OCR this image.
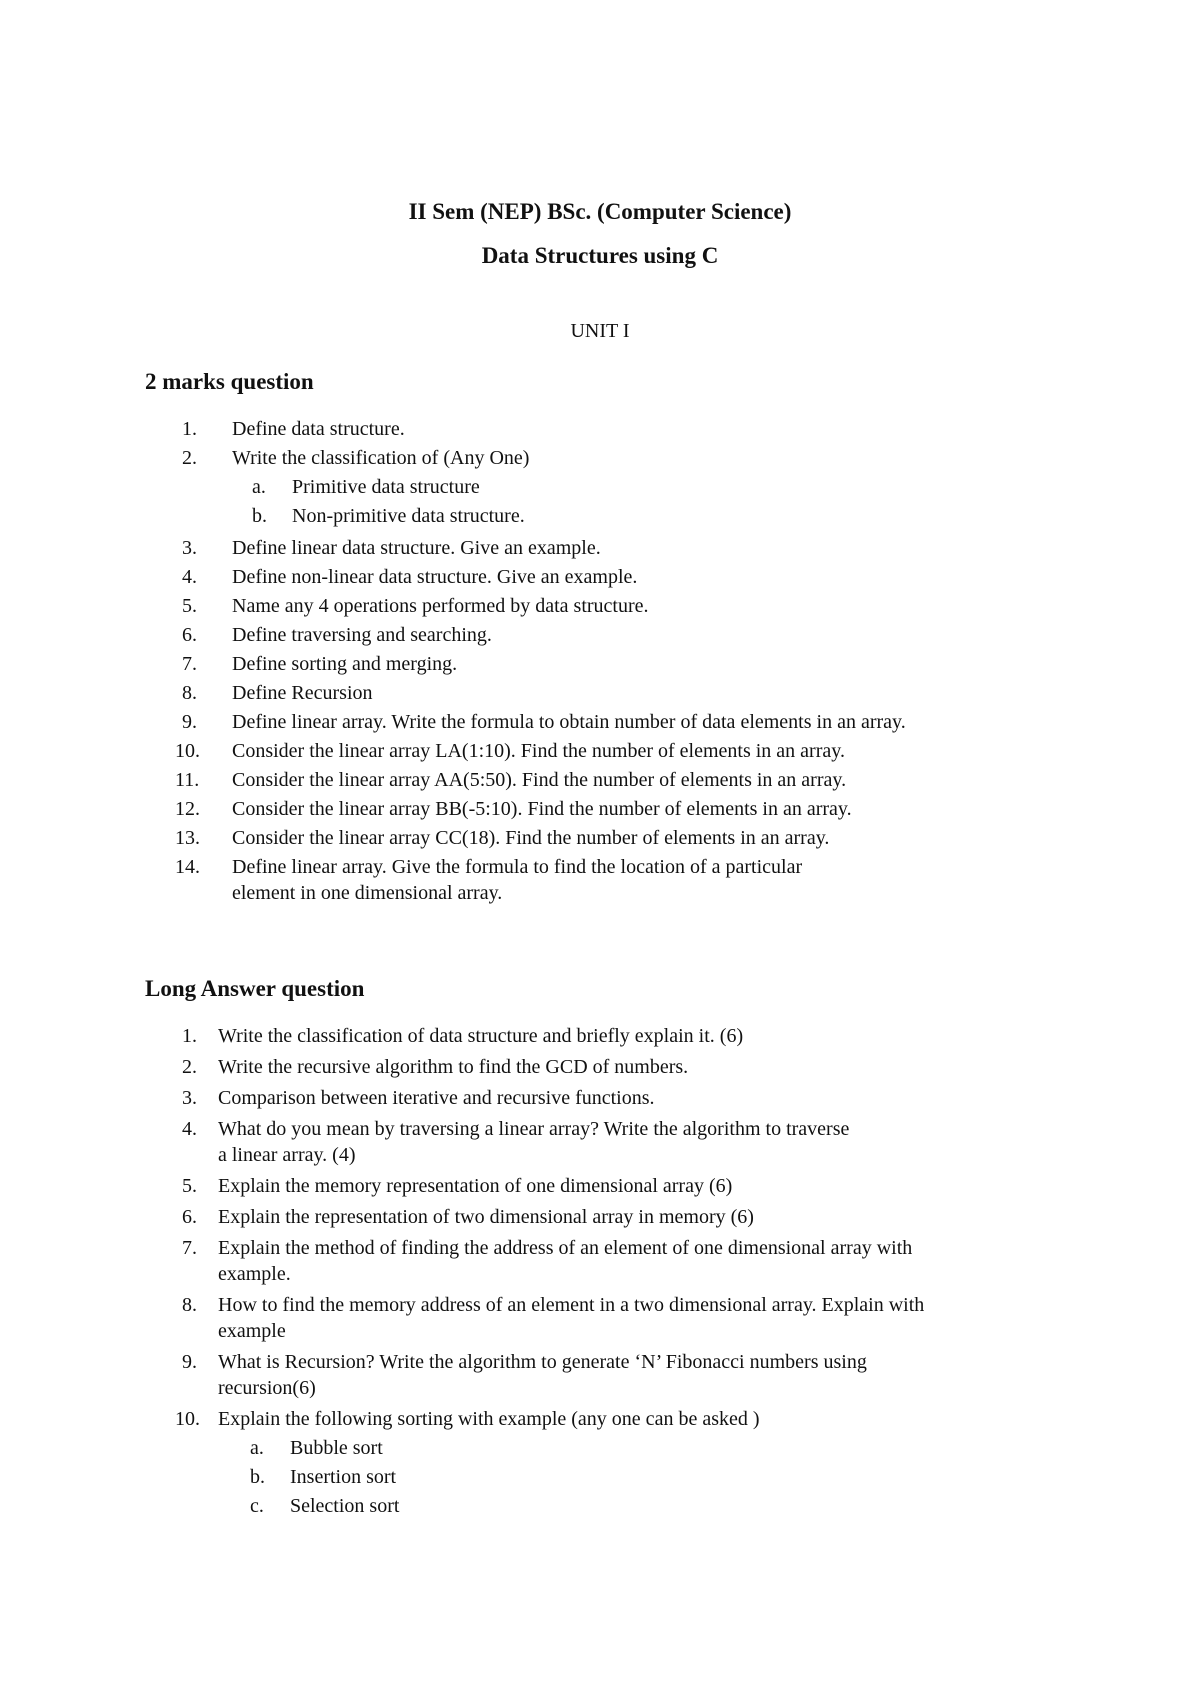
II Sem (NEP) BSc. (Computer Science)
Data Structures using C
UNIT I
2 marks question
1. Define data structure.
2. Write the classification of (Any One)
a. Primitive data structure
b. Non-primitive data structure.
3. Define linear data structure. Give an example.
4. Define non-linear data structure. Give an example.
5. Name any 4 operations performed by data structure.
6. Define traversing and searching.
7. Define sorting and merging.
8. Define Recursion
9. Define linear array. Write the formula to obtain number of data elements in an array.
10. Consider the linear array LA(1:10). Find the number of elements in an array.
11. Consider the linear array AA(5:50). Find the number of elements in an array.
12. Consider the linear array BB(-5:10). Find the number of elements in an array.
13. Consider the linear array CC(18). Find the number of elements in an array.
14. Define linear array. Give the formula to find the location of a particular
element in one dimensional array.
Long Answer question
1. Write the classification of data structure and briefly explain it. (6)
2. Write the recursive algorithm to find the GCD of numbers.
3. Comparison between iterative and recursive functions.
4. What do you mean by traversing a linear array? Write the algorithm to traverse
a linear array. (4)
5. Explain the memory representation of one dimensional array (6)
6. Explain the representation of two dimensional array in memory (6)
7. Explain the method of finding the address of an element of one dimensional array with
example.
8. How to find the memory address of an element in a two dimensional array. Explain with
example
9. What is Recursion? Write the algorithm to generate ‘N’ Fibonacci numbers using
recursion(6)
10. Explain the following sorting with example (any one can be asked )
a. Bubble sort
b. Insertion sort
c. Selection sort
